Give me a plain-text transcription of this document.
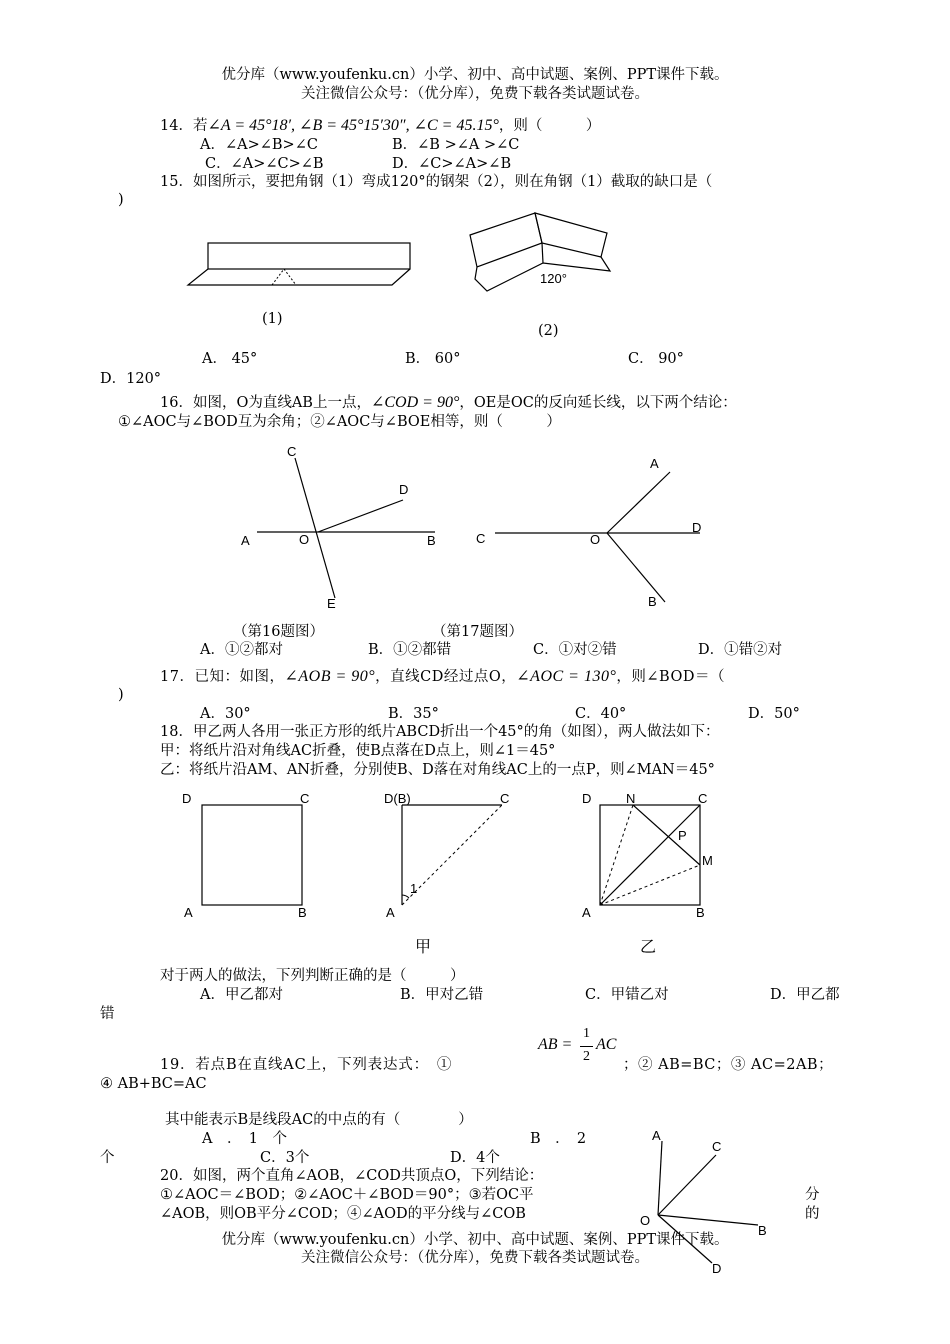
优分库（www.youfenku.cn）小学、初中、高中试题、案例、PPT课件下载。
关注微信公众号：（优分库），免费下载各类试题试卷。
14．若∠A = 45°18′, ∠B = 45°15′30″, ∠C = 45.15°，则（　　　）
A．∠A>∠B>∠C	B．∠B >∠A >∠C
C．∠A>∠C>∠B	D．∠C>∠A>∠B
15．如图所示，要把角钢（1）弯成120°的钢架（2），则在角钢（1）截取的缺口是（
)
(1)
120°
(2)
A． 45°	B． 60°	C． 90°
D．120°
16．如图，O为直线AB上一点，∠COD = 90°，OE是OC的反向延长线，以下两个结论：
①∠AOC与∠BOD互为余角；②∠AOC与∠BOE相等，则（　　　）
C
D
A	O	B
E
A
D
C	O
B
（第16题图）	（第17题图）
A．①②都对	B．①②都错	C．①对②错	D．①错②对
17．已知：如图，∠AOB = 90°，直线CD经过点O，∠AOC = 130°，则∠BOD＝（
)
A．30°	B．35°	C．40°	D．50°
18．甲乙两人各用一张正方形的纸片ABCD折出一个45°的角（如图），两人做法如下：
甲：将纸片沿对角线AC折叠，使B点落在D点上，则∠1＝45°
乙：将纸片沿AM、AN折叠，分别使B、D落在对角线AC上的一点P，则∠MAN＝45°
D	C
A	B
D(B)	C
A
1
D	N	C
P
M
A	B
甲	乙
对于两人的做法，下列判断正确的是（　　　）
A．甲乙都对	B．甲对乙错	C．甲错乙对	D．甲乙都
错
19．若点B在直线AC上，下列表达式：　①
AB =
1
2
AC
；② AB=BC；③ AC=2AB；
④ AB+BC=AC
其中能表示B是线段AC的中点的有（　　　　）
A　．　1　个	B　．　2
个	C．3个	D．4个
20．如图，两个直角∠AOB，∠COD共顶点O，下列结论：
①∠AOC＝∠BOD；②∠AOC＋∠BOD＝90°；③若OC平	分
∠AOB，则OB平分∠COD；④∠AOD的平分线与∠COB	的
A
C
O
B
D
优分库（www.youfenku.cn）小学、初中、高中试题、案例、PPT课件下载。
关注微信公众号：（优分库），免费下载各类试题试卷。
